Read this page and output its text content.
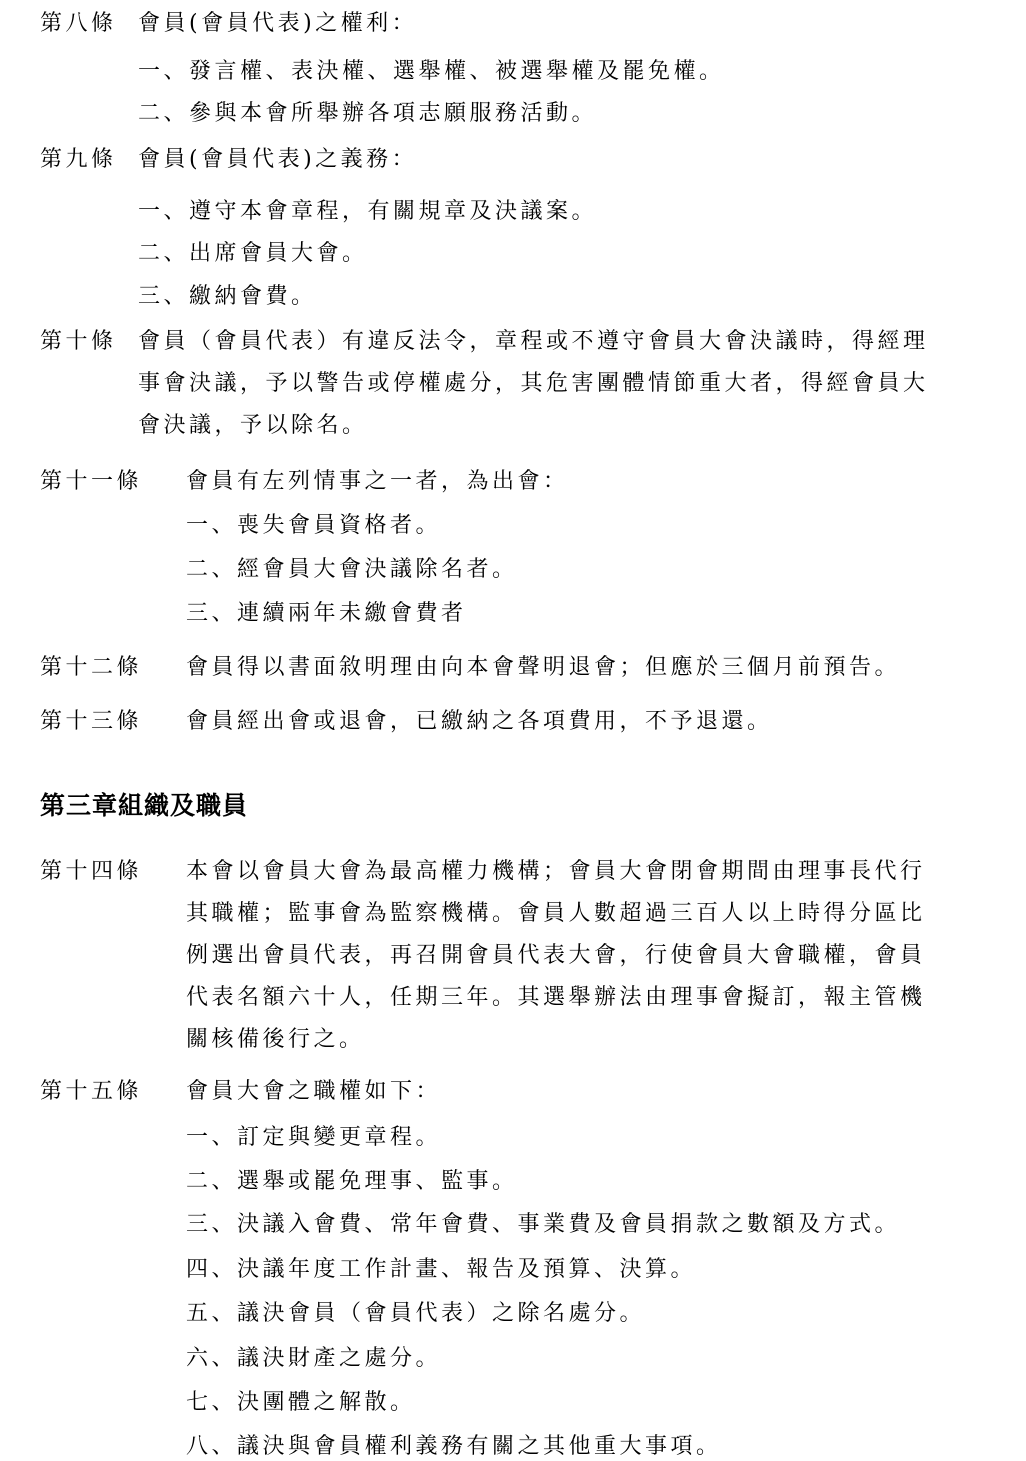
第八條 會員(會員代表)之權利：
一、發言權、表決權、選舉權、被選舉權及罷免權。
二、參與本會所舉辦各項志願服務活動。
第九條 會員(會員代表)之義務：
一、遵守本會章程，有關規章及決議案。
二、出席會員大會。
三、繳納會費。
第十條 會員（會員代表）有違反法令，章程或不遵守會員大會決議時，得經理
事會決議，予以警告或停權處分，其危害團體情節重大者，得經會員大
會決議，予以除名。
第十一條 會員有左列情事之一者，為出會：
一、喪失會員資格者。
二、經會員大會決議除名者。
三、連續兩年未繳會費者
第十二條 會員得以書面敘明理由向本會聲明退會；但應於三個月前預告。
第十三條 會員經出會或退會，已繳納之各項費用，不予退還。
第三章組織及職員
第十四條 本會以會員大會為最高權力機構；會員大會閉會期間由理事長代行
其職權；監事會為監察機構。會員人數超過三百人以上時得分區比
例選出會員代表，再召開會員代表大會，行使會員大會職權，會員
代表名額六十人，任期三年。其選舉辦法由理事會擬訂，報主管機
關核備後行之。
第十五條 會員大會之職權如下：
一、訂定與變更章程。
二、選舉或罷免理事、監事。
三、決議入會費、常年會費、事業費及會員捐款之數額及方式。
四、決議年度工作計畫、報告及預算、決算。
五、議決會員（會員代表）之除名處分。
六、議決財產之處分。
七、決團體之解散。
八、議決與會員權利義務有關之其他重大事項。
